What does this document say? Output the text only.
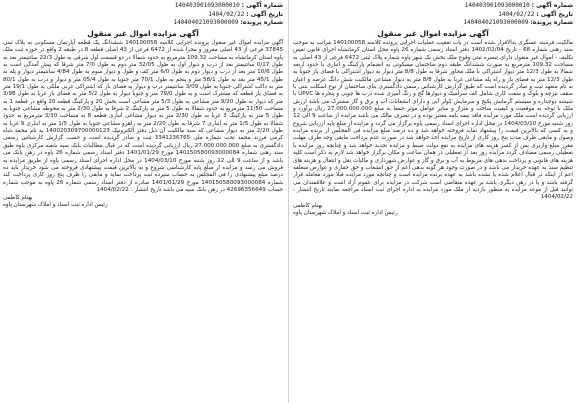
شماره آگهی : 140403901093000010
تاریخ آگهی : 1404/02/22
شماره پرونده: 140404021093000009
آگهی مزایده اموال غیر منقول
مالکیت فرشته عسگری بدالاقرار شده است در باب تعقیب عملیات اجرایی پرونده کلاسه 140100058 مراتب به موجب سند رهنی شماره 68 - تاریخ 1402/02/04 دفتر اسناد رسمی شماره 26 پاوه محل استان کرمانشاه اجرای قانون تعیین تکلیف - اموال غیر منقول دارای تبصره ثبتی وقوع ملک بخش یک شهر پاوه شماره پلاک ثبتی 6472 فرعی از 43 اصلی به مساحت 109.32 مترمربع به صورت ششدانگ طبقه دوم ساختمان مسکونی به انضمام پارکینگ و انباری با حدود اربعه شمالا به طول 12/3 متر دیوار اشتراکی با ملک مجاور شرقا به طول 8/8 متر دیوار به دیوار اشتراکی با فضای باز جنوبا به طول 12/3 متر به فضای باز و راه پله مشاعی غربا به طول 8/8 متر به دیوار مشاعی مالکیت شش دانگ عرصه و اعیان به نام متعهد ثبت و صادر گردیده است که طبق گزارش کارشناس رسمی دادگستری بنای ساختمان از نوع اسکلت بتنی با سقف تیرچه و بلوک و سفت کاری شامل کف سرامیک و دیوارها گچ و رنگ آمیزی شده درب ها چوبی و پنجره ها UPVC با شیشه دوجداره و سیستم گرمایش پکیج و سرمایش کولر آبی و دارای انشعابات آب و برق و گاز مشترک می باشد ارزش ملک با توجه به موقعیت و کیفیت ساخت و متراژ و سایر عوامل موثر جمعا به مبلغ 27.000.000.000 ریال برآورد و ارزیابی گردیده است ملک مورد مزایده فاقد بیمه نامه معتبر بوده و در تصرف مالک می باشد مزایده از ساعت 9 الی 12 روز شنبه مورخ 1404/03/10 در محل اداره اجرای اسناد رسمی پاوه برگزار می گردد و مزایده از مبلغ پایه ارزیابی شروع و به کسی که بالاترین قیمت را پیشنهاد نماید فروخته خواهد شد و ده درصد مبلغ مزایده فی المجلس از برنده مزایده وصول و مابقی ظرف مدت پنج روز کاری از تاریخ مزایده اخذ خواهد شد در صورت عدم پرداخت مابقی وجه ظرف مهلت مقرر مبلغ واریزی پس از کسر هزینه های مزایده به نفع دولت ضبط و مزایده تجدید خواهد شد و چنانچه روز مزایده با تعطیلی رسمی مصادف گردد مزایده روز بعد از تعطیلی در همان ساعت و مکان برگزار خواهد شد لازم به ذکر است کلیه هزینه های قانونی و پرداخت بدهی های مربوط به آب و برق و گاز و عوارض شهرداری و مالیات نقل و انتقال و هزینه های تنظیم سند به عهده خریدار می باشد و در صورت وجود هر گونه بدهی اعم از حق انشعاب و حق حفاری و عوارض متعلقه اعم از اینکه در قبال اعلام شده یا نشده باشد به عهده برنده مزایده است و چنانچه مورد مزایده قبلا مورد معامله قرار گرفته باشد و یا در رهن دیگری باشد بر عهده متقاضی است شرکت در مزایده برای عموم آزاد است و علاقمندان می توانند قبل از موعد مزایده به منظور بازدید از ملک مورد مزایده به اداره اجرای ثبت اسناد مراجعه نمایند تاریخ انتشار : 1404/02/22
بهنام کاظمی
رئیس اداره ثبت اسناد و املاک شهرستان پاوه
شماره آگهی : 140403901093000010
تاریخ آگهی : 1404/02/22
شماره پرونده: 140404021093000009
آگهی مزایده اموال غیر منقول
آگهی مزایده اموال غیر منقول پرونده اجرایی کلاسه 140100058 ششدانگ یک قطعه آپارتمان مسکونی به پلاک ثبتی 37845 فرعی از 43 اصلی مفروز و مجزا شده از 6472 فرعی از 43 اصلی قطعه 8 در طبقه 2 واقع در حوزه ثبت ملک پاوه استان کرمانشاه به مساحت 109.32 مترمربع به حدود شمالا در دو قسمت اول شرقی به طول 22/3 سانتیمتر بعد به طول 0/17 سانتیمتر بعد از درب و دیوار اول به طول 32/05 متر دوم به طول 7/0 متر شرقا که پیش آمدگی است به طول 10/6 متر بعد از درب و دیوار دوم به طول 6/0 متر کف و طول و دیوار سوم به طول 4/84 سانتیمتر دیوار و پله به طول 45/1 متر بعد به طول 58/1 متر و پنجم به طول 70/1 متر جنوبا به طول 05/4 متر و دیوار و درب به طول 80/1 متر به داکت اشتراکی جنوبا به طول 3/09 سانتیمتر درب و دیوار به فضای باز که اشتراکی غربی ملکی به طول 19/1 متر به فضای باز قطعه که مشترک است و به طول 79/0 متر و جنوبا دیوار به طول 5/2 متر به فضای باز غربا به طول 3/98 متر که دیوار به طول 9/20 متر مشاعی به طول 5/3 متر مشاعی است بخش 20 و پارکینگ قطعه 20 واقع در قطعه 1 به مساحت 11/50 مترمربع به حدود شمالا به طول 5 متر به پارکینگ 2 شرقا به طول 2/30 متر به محوطه مشاعی جنوبا به طول 5 متر به پارکینگ 3 غربا به طول 2/30 متر به دیوار مشاعی انباری قطعه 8 به مساحت 3/30 مترمربع به حدود شمالا به طول 1/5 متر به انباری 7 شرقا به طول 2/20 متر به راهرو مشاعی جنوبا به طول 1/5 متر به انباری 9 غربا به طول 2/20 متر به دیوار مشاعی که سند مالکیت آن ذیل دفتر الکترونیک 140020309700000123 به نام محمد شاه کرمی فرزند محمد تحت شماره ملی 3341236765 ثبت و صادر گردیده است و حسب گزارش کارشناس رسمی دادگستری به مبلغ 27.000.000.000 ریال ارزیابی گردیده است که در قبال مطالبات بانک سپه شعبه مرکزی پاوه طبق سند رهنی شماره 140150580093000084 مورخ 1401/01/29 دفتر اسناد رسمی شماره 26 پاوه در رهن بانک می باشد و از ساعت 9 الی 12 روز شنبه مورخ 1404/03/10 در محل اداره اجرای اسناد رسمی پاوه از طریق مزایده به فروش می رسد و مزایده از مبلغ پایه کارشناسی شروع و به بالاترین قیمت پیشنهادی فروخته می شود خریدار باید ده درصد مبلغ پیشنهادی را فی المجلس به حساب سپرده ثبت پرداخت نماید و مابقی را ظرف پنج روز کاری پرداخت کند شماره 140150580093000084 مورخ 1401/01/29 صادره از دفتر اسناد رسمی شماره 26 پاوه به موجب شماره حساب 42696356649 در رهن بانک سپه می باشد تاریخ انتشار : 1404/02/22
بهنام کاظمی
رئیس اداره ثبت اسناد و املاک شهرستان پاوه
